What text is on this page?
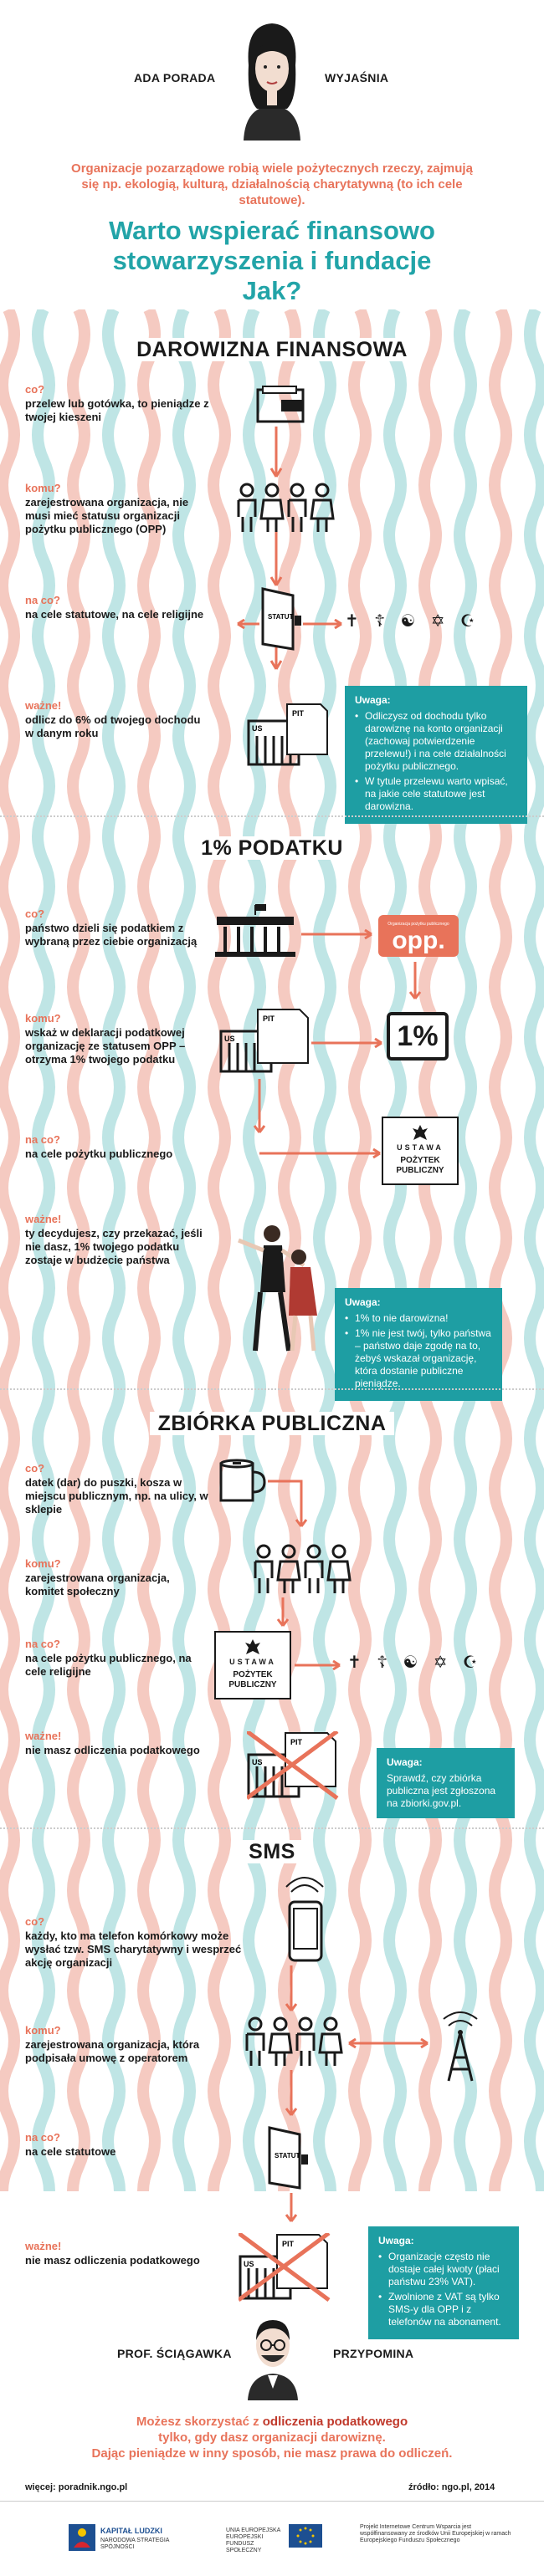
ADA PORADA	WYJAŚNIA
Organizacje pozarządowe robią wiele pożytecznych rzeczy, zajmują się np. ekologią, kulturą, działalnością charytatywną (to ich cele statutowe).
Warto wspierać finansowo
stowarzyszenia i fundacje
Jak?
DAROWIZNA FINANSOWA
co?
przelew lub gotówka, to pieniądze z twojej kieszeni
komu?
zarejestrowana organizacja, nie musi mieć statusu organizacji pożytku publicznego (OPP)
na co?
na cele statutowe, na cele religijne
ważne!
odlicz do 6% od twojego dochodu w danym roku
STATUT	✝ ☦ ☯ ✡ ☪
US
PIT
Uwaga:
• Odliczysz od dochodu tylko darowiznę na konto organizacji (zachowaj potwierdzenie przelewu!) i na cele działalności pożytku publicznego.
• W tytule przelewu warto wpisać, na jakie cele statutowe jest darowizna.
1% PODATKU
co?
państwo dzieli się podatkiem z wybraną przez ciebie organizacją
komu?
wskaż w deklaracji podatkowej organizację ze statusem OPP – otrzyma 1% twojego podatku
na co?
na cele pożytku publicznego
ważne!
ty decydujesz, czy przekazać, jeśli nie dasz, 1% twojego podatku zostaje w budżecie państwa
opp.
Organizacja pożytku publicznego
US
PIT
1%
USTAWA
POŻYTEK PUBLICZNY
Uwaga:
• 1% to nie darowizna!
• 1% nie jest twój, tylko państwa – państwo daje zgodę na to, żebyś wskazał organizację, która dostanie publiczne pieniądze.
ZBIÓRKA PUBLICZNA
co?
datek (dar) do puszki, kosza w miejscu publicznym, np. na ulicy, w sklepie
komu?
zarejestrowana organizacja, komitet społeczny
na co?
na cele pożytku publicznego, na cele religijne
ważne!
nie masz odliczenia podatkowego
USTAWA
POŻYTEK PUBLICZNY
✝ ☦ ☯ ✡ ☪
US
PIT
Uwaga:
Sprawdź, czy zbiórka publiczna jest zgłoszona na zbiorki.gov.pl.
SMS
co?
każdy, kto ma telefon komórkowy może wysłać tzw. SMS charytatywny i wesprzeć akcję organizacji
komu?
zarejestrowana organizacja, która podpisała umowę z operatorem
na co?
na cele statutowe
ważne!
nie masz odliczenia podatkowego
STATUT
US
PIT	Uwaga:
• Organizacje często nie dostaje całej kwoty (płaci państwu 23% VAT).
• Zwolnione z VAT są tylko SMS-y dla OPP i z telefonów na abonament.
PROF. ŚCIĄGAWKA	PRZYPOMINA
Możesz skorzystać z odliczenia podatkowego
tylko, gdy dasz organizacji darowiznę.
Dając pieniądze w inny sposób, nie masz prawa do odliczeń.
więcej: poradnik.ngo.pl	źródło: ngo.pl, 2014
KAPITAŁ LUDZKI
NARODOWA STRATEGIA SPÓJNOŚCI
UNIA EUROPEJSKA EUROPEJSKI FUNDUSZ SPOŁECZNY
Projekt Internetowe Centrum Wsparcia jest współfinansowany ze środków Unii Europejskiej w ramach Europejskiego Funduszu Społecznego
